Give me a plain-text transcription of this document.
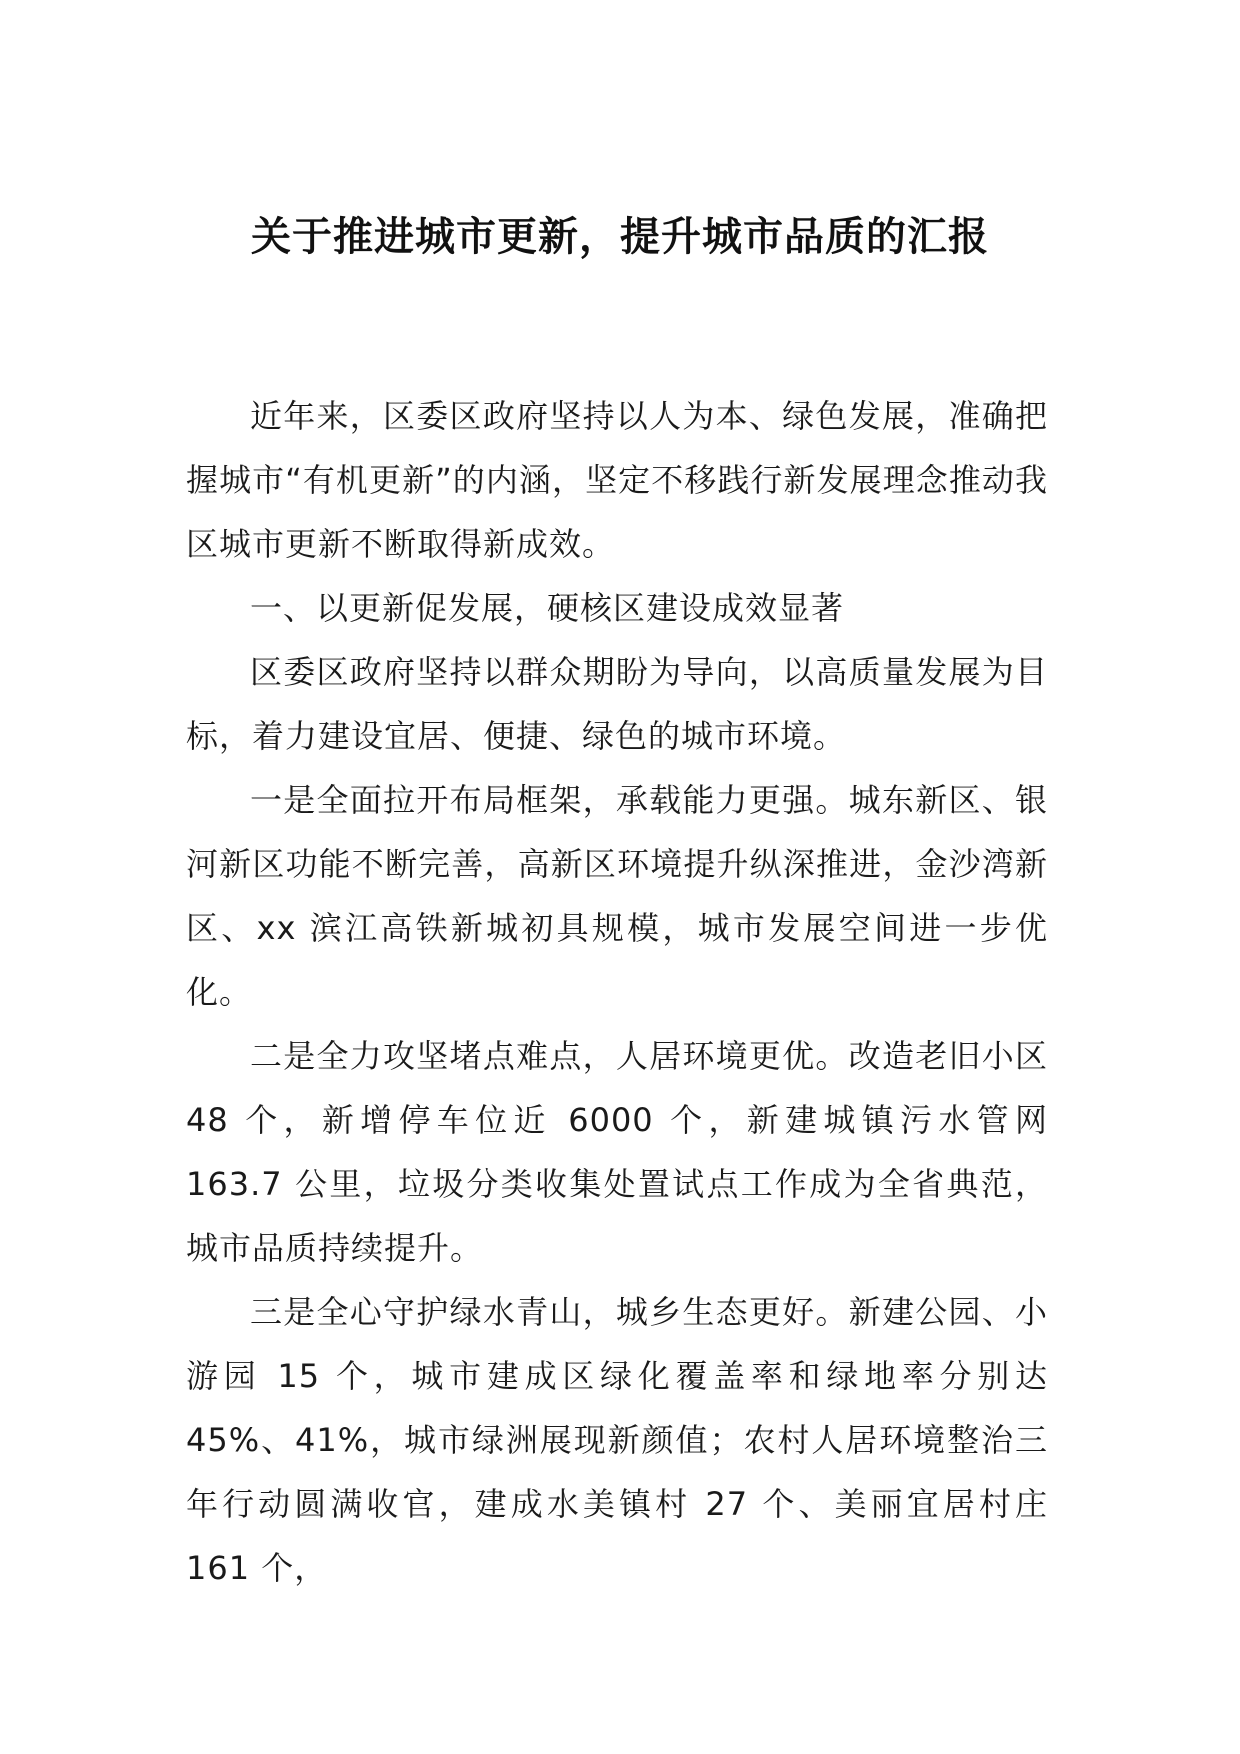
关于推进城市更新，提升城市品质的汇报

近年来，区委区政府坚持以人为本、绿色发展，准确把握城市“有机更新”的内涵，坚定不移践行新发展理念推动我区城市更新不断取得新成效。

一、以更新促发展，硬核区建设成效显著

区委区政府坚持以群众期盼为导向，以高质量发展为目标，着力建设宜居、便捷、绿色的城市环境。

一是全面拉开布局框架，承载能力更强。城东新区、银河新区功能不断完善，高新区环境提升纵深推进，金沙湾新区、xx 滨江高铁新城初具规模，城市发展空间进一步优化。

二是全力攻坚堵点难点，人居环境更优。改造老旧小区 48 个，新增停车位近 6000 个，新建城镇污水管网 163.7 公里，垃圾分类收集处置试点工作成为全省典范，城市品质持续提升。

三是全心守护绿水青山，城乡生态更好。新建公园、小游园 15 个，城市建成区绿化覆盖率和绿地率分别达 45%、41%，城市绿洲展现新颜值；农村人居环境整治三年行动圆满收官，建成水美镇村 27 个、美丽宜居村庄 161 个，
